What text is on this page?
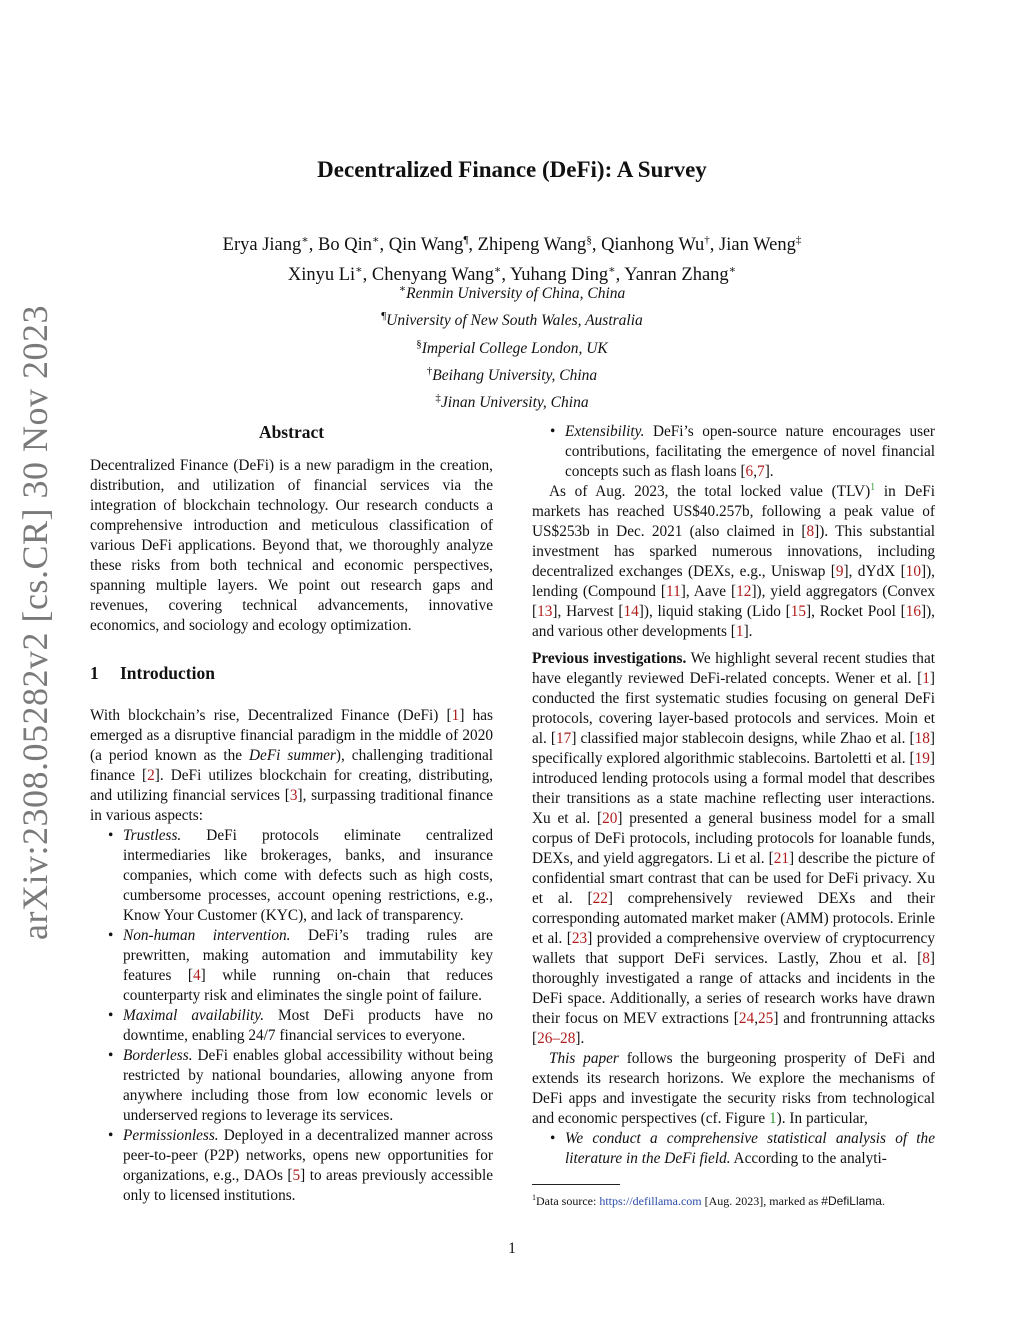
arXiv:2308.05282v2 [cs.CR] 30 Nov 2023
Decentralized Finance (DeFi): A Survey
Erya Jiang∗, Bo Qin∗, Qin Wang¶, Zhipeng Wang§, Qianhong Wu†, Jian Weng‡
Xinyu Li∗, Chenyang Wang∗, Yuhang Ding∗, Yanran Zhang∗
∗Renmin University of China, China
¶University of New South Wales, Australia
§Imperial College London, UK
†Beihang University, China
‡Jinan University, China
Abstract

Decentralized Finance (DeFi) is a new paradigm in the creation, distribution, and utilization of financial services via the integration of blockchain technology. Our research conducts a comprehensive introduction and meticulous classification of various DeFi applications. Beyond that, we thoroughly analyze these risks from both technical and economic perspectives, spanning multiple layers. We point out research gaps and revenues, covering technical advancements, innovative economics, and sociology and ecology optimization.

1 Introduction

With blockchain’s rise, Decentralized Finance (DeFi) [1] has emerged as a disruptive financial paradigm in the middle of 2020 (a period known as the DeFi summer), challenging traditional finance [2]. DeFi utilizes blockchain for creating, distributing, and utilizing financial services [3], surpassing traditional finance in various aspects:

• Trustless. DeFi protocols eliminate centralized intermediaries like brokerages, banks, and insurance companies, which come with defects such as high costs, cumbersome processes, account opening restrictions, e.g., Know Your Customer (KYC), and lack of transparency.
• Non-human intervention. DeFi’s trading rules are prewritten, making automation and immutability key features [4] while running on-chain that reduces counterparty risk and eliminates the single point of failure.
• Maximal availability. Most DeFi products have no downtime, enabling 24/7 financial services to everyone.
• Borderless. DeFi enables global accessibility without being restricted by national boundaries, allowing anyone from anywhere including those from low economic levels or underserved regions to leverage its services.
• Permissionless. Deployed in a decentralized manner across peer-to-peer (P2P) networks, opens new opportunities for organizations, e.g., DAOs [5] to areas previously accessible only to licensed institutions.
• Extensibility. DeFi’s open-source nature encourages user contributions, facilitating the emergence of novel financial concepts such as flash loans [6,7].

As of Aug. 2023, the total locked value (TLV)$^1$ in DeFi markets has reached US$40.257b, following a peak value of US$253b in Dec. 2021 (also claimed in [8]). This substantial investment has sparked numerous innovations, including decentralized exchanges (DEXs, e.g., Uniswap [9], dYdX [10]), lending (Compound [11], Aave [12]), yield aggregators (Convex [13], Harvest [14]), liquid staking (Lido [15], Rocket Pool [16]), and various other developments [1].

Previous investigations. We highlight several recent studies that have elegantly reviewed DeFi-related concepts. Wener et al. [1] conducted the first systematic studies focusing on general DeFi protocols, covering layer-based protocols and services. Moin et al. [17] classified major stablecoin designs, while Zhao et al. [18] specifically explored algorithmic stablecoins. Bartoletti et al. [19] introduced lending protocols using a formal model that describes their transitions as a state machine reflecting user interactions. Xu et al. [20] presented a general business model for a small corpus of DeFi protocols, including protocols for loanable funds, DEXs, and yield aggregators. Li et al. [21] describe the picture of confidential smart contrast that can be used for DeFi privacy. Xu et al. [22] comprehensively reviewed DEXs and their corresponding automated market maker (AMM) protocols. Erinle et al. [23] provided a comprehensive overview of cryptocurrency wallets that support DeFi services. Lastly, Zhou et al. [8] thoroughly investigated a range of attacks and incidents in the DeFi space. Additionally, a series of research works have drawn their focus on MEV extractions [24,25] and frontrunning attacks [26–28].

This paper follows the burgeoning prosperity of DeFi and extends its research horizons. We explore the mechanisms of DeFi apps and investigate the security risks from technological and economic perspectives (cf. Figure 1). In particular,

• We conduct a comprehensive statistical analysis of the literature in the DeFi field. According to the analyti-
$^1$Data source: https://defillama.com [Aug. 2023], marked as #DefiLlama.
1
